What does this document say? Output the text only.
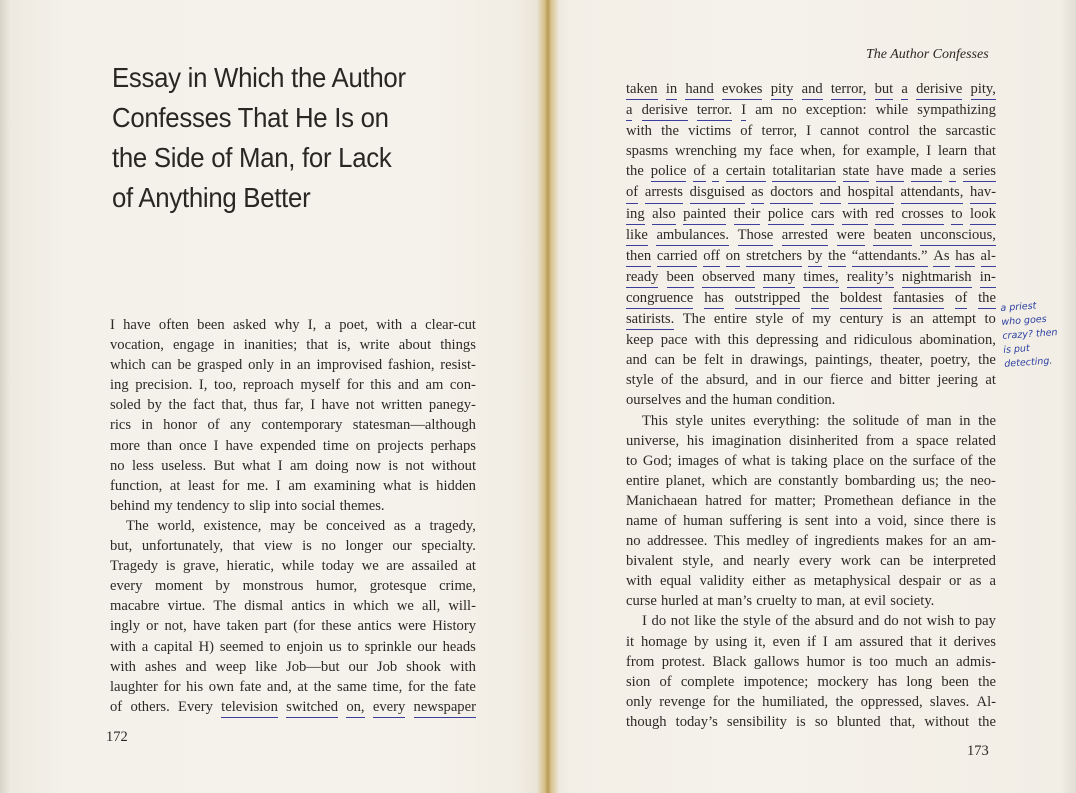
Essay in Which the Author
Confesses That He Is on
the Side of Man, for Lack
of Anything Better
I have often been asked why I, a poet, with a clear-cut
vocation, engage in inanities; that is, write about things
which can be grasped only in an improvised fashion, resist-
ing precision. I, too, reproach myself for this and am con-
soled by the fact that, thus far, I have not written panegy-
rics in honor of any contemporary statesman—although
more than once I have expended time on projects perhaps
no less useless. But what I am doing now is not without
function, at least for me. I am examining what is hidden
behind my tendency to slip into social themes.
The world, existence, may be conceived as a tragedy,
but, unfortunately, that view is no longer our specialty.
Tragedy is grave, hieratic, while today we are assailed at
every moment by monstrous humor, grotesque crime,
macabre virtue. The dismal antics in which we all, will-
ingly or not, have taken part (for these antics were History
with a capital H) seemed to enjoin us to sprinkle our heads
with ashes and weep like Job—but our Job shook with
laughter for his own fate and, at the same time, for the fate
of others. Every television switched on, every newspaper
172
The Author Confesses
taken in hand evokes pity and terror, but a derisive pity,
a derisive terror. I am no exception: while sympathizing
with the victims of terror, I cannot control the sarcastic
spasms wrenching my face when, for example, I learn that
the police of a certain totalitarian state have made a series
of arrests disguised as doctors and hospital attendants, hav-
ing also painted their police cars with red crosses to look
like ambulances. Those arrested were beaten unconscious,
then carried off on stretchers by the “attendants.” As has al-
ready been observed many times, reality’s nightmarish in-
congruence has outstripped the boldest fantasies of the
satirists. The entire style of my century is an attempt to
keep pace with this depressing and ridiculous abomination,
and can be felt in drawings, paintings, theater, poetry, the
style of the absurd, and in our fierce and bitter jeering at
ourselves and the human condition.
This style unites everything: the solitude of man in the
universe, his imagination disinherited from a space related
to God; images of what is taking place on the surface of the
entire planet, which are constantly bombarding us; the neo-
Manichaean hatred for matter; Promethean defiance in the
name of human suffering is sent into a void, since there is
no addressee. This medley of ingredients makes for an am-
bivalent style, and nearly every work can be interpreted
with equal validity either as metaphysical despair or as a
curse hurled at man’s cruelty to man, at evil society.
I do not like the style of the absurd and do not wish to pay
it homage by using it, even if I am assured that it derives
from protest. Black gallows humor is too much an admis-
sion of complete impotence; mockery has long been the
only revenge for the humiliated, the oppressed, slaves. Al-
though today’s sensibility is so blunted that, without the
a priest
who goes
crazy? then
is put
detecting.
173
